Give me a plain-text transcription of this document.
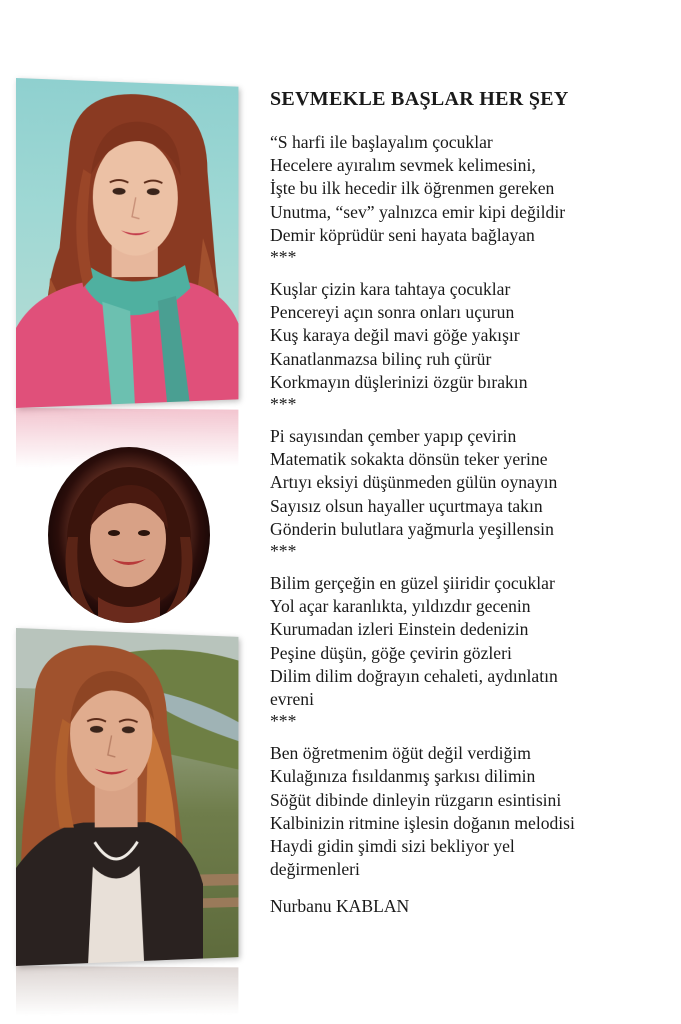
SEVMEKLE BAŞLAR HER ŞEY
“S harfi ile başlayalım çocuklar
Hecelere ayıralım sevmek kelimesini,
İşte bu ilk hecedir ilk öğrenmen gereken
Unutma, “sev” yalnızca emir kipi değildir
Demir köprüdür seni hayata bağlayan
***
Kuşlar çizin kara tahtaya çocuklar
Pencereyi açın sonra onları uçurun
Kuş karaya değil mavi göğe yakışır
Kanatlanmazsa bilinç ruh çürür
Korkmayın düşlerinizi özgür bırakın
***
Pi sayısından çember yapıp çevirin
Matematik sokakta dönsün teker yerine
Artıyı eksiyi düşünmeden gülün oynayın
Sayısız olsun hayaller uçurtmaya takın
Gönderin bulutlara yağmurla yeşillensin
***
Bilim gerçeğin en güzel şiiridir çocuklar
Yol açar karanlıkta, yıldızdır gecenin
Kurumadan izleri Einstein dedenizin
Peşine düşün, göğe çevirin gözleri
Dilim dilim doğrayın cehaleti, aydınlatın
evreni
***
Ben öğretmenim öğüt değil verdiğim
Kulağınıza fısıldanmış şarkısı dilimin
Söğüt dibinde dinleyin rüzgarın esintisini
Kalbinizin ritmine işlesin doğanın melodisi
Haydi gidin şimdi sizi bekliyor yel
değirmenleri
Nurbanu KABLAN
